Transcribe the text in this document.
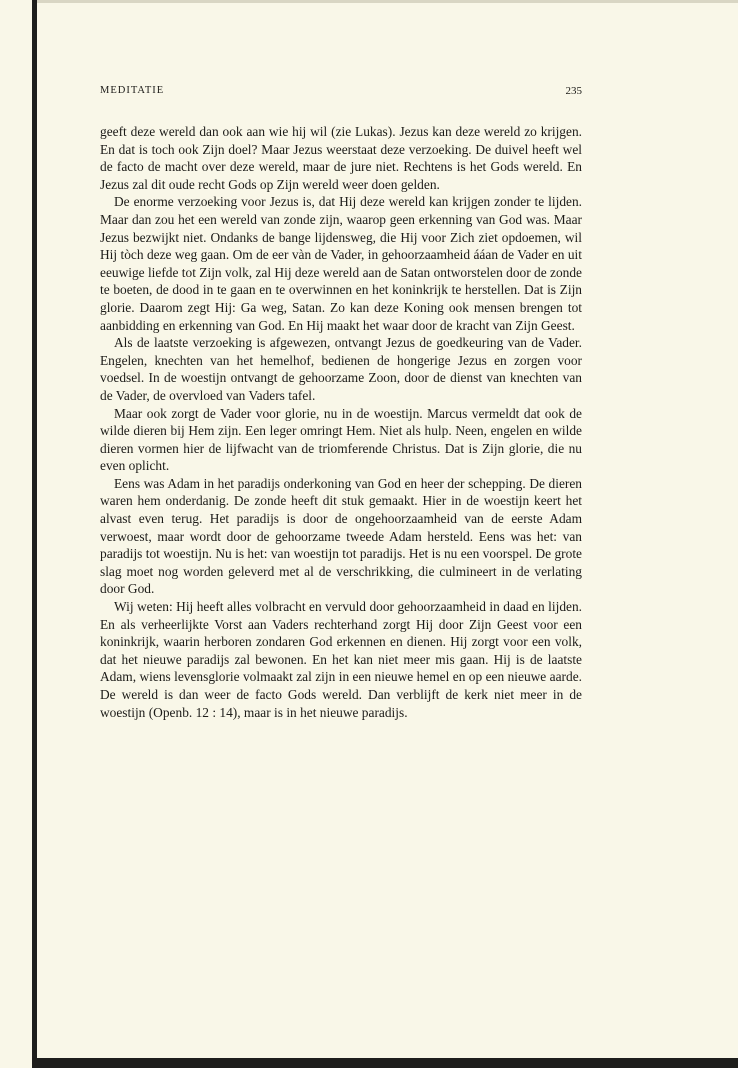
MEDITATIE	235

geeft deze wereld dan ook aan wie hij wil (zie Lukas). Jezus kan deze wereld zo krijgen. En dat is toch ook Zijn doel? Maar Jezus weerstaat deze verzoeking. De duivel heeft wel de facto de macht over deze wereld, maar de jure niet. Rechtens is het Gods wereld. En Jezus zal dit oude recht Gods op Zijn wereld weer doen gelden.

De enorme verzoeking voor Jezus is, dat Hij deze wereld kan krijgen zonder te lijden. Maar dan zou het een wereld van zonde zijn, waarop geen erkenning van God was. Maar Jezus bezwijkt niet. Ondanks de bange lijdensweg, die Hij voor Zich ziet opdoemen, wil Hij tòch deze weg gaan. Om de eer vàn de Vader, in gehoorzaamheid ááan de Vader en uit eeuwige liefde tot Zijn volk, zal Hij deze wereld aan de Satan ontworstelen door de zonde te boeten, de dood in te gaan en te overwinnen en het koninkrijk te herstellen. Dat is Zijn glorie. Daarom zegt Hij: Ga weg, Satan. Zo kan deze Koning ook mensen brengen tot aanbidding en erkenning van God. En Hij maakt het waar door de kracht van Zijn Geest.

Als de laatste verzoeking is afgewezen, ontvangt Jezus de goedkeuring van de Vader. Engelen, knechten van het hemelhof, bedienen de hongerige Jezus en zorgen voor voedsel. In de woestijn ontvangt de gehoorzame Zoon, door de dienst van knechten van de Vader, de overvloed van Vaders tafel.

Maar ook zorgt de Vader voor glorie, nu in de woestijn. Marcus vermeldt dat ook de wilde dieren bij Hem zijn. Een leger omringt Hem. Niet als hulp. Neen, engelen en wilde dieren vormen hier de lijfwacht van de triomferende Christus. Dat is Zijn glorie, die nu even oplicht.

Eens was Adam in het paradijs onderkoning van God en heer der schepping. De dieren waren hem onderdanig. De zonde heeft dit stuk gemaakt. Hier in de woestijn keert het alvast even terug. Het paradijs is door de ongehoorzaamheid van de eerste Adam verwoest, maar wordt door de gehoorzame tweede Adam hersteld. Eens was het: van paradijs tot woestijn. Nu is het: van woestijn tot paradijs. Het is nu een voorspel. De grote slag moet nog worden geleverd met al de verschrikking, die culmineert in de verlating door God.

Wij weten: Hij heeft alles volbracht en vervuld door gehoorzaamheid in daad en lijden. En als verheerlijkte Vorst aan Vaders rechterhand zorgt Hij door Zijn Geest voor een koninkrijk, waarin herboren zondaren God erkennen en dienen. Hij zorgt voor een volk, dat het nieuwe paradijs zal bewonen. En het kan niet meer mis gaan. Hij is de laatste Adam, wiens levensglorie volmaakt zal zijn in een nieuwe hemel en op een nieuwe aarde. De wereld is dan weer de facto Gods wereld. Dan verblijft de kerk niet meer in de woestijn (Openb. 12 : 14), maar is in het nieuwe paradijs.
